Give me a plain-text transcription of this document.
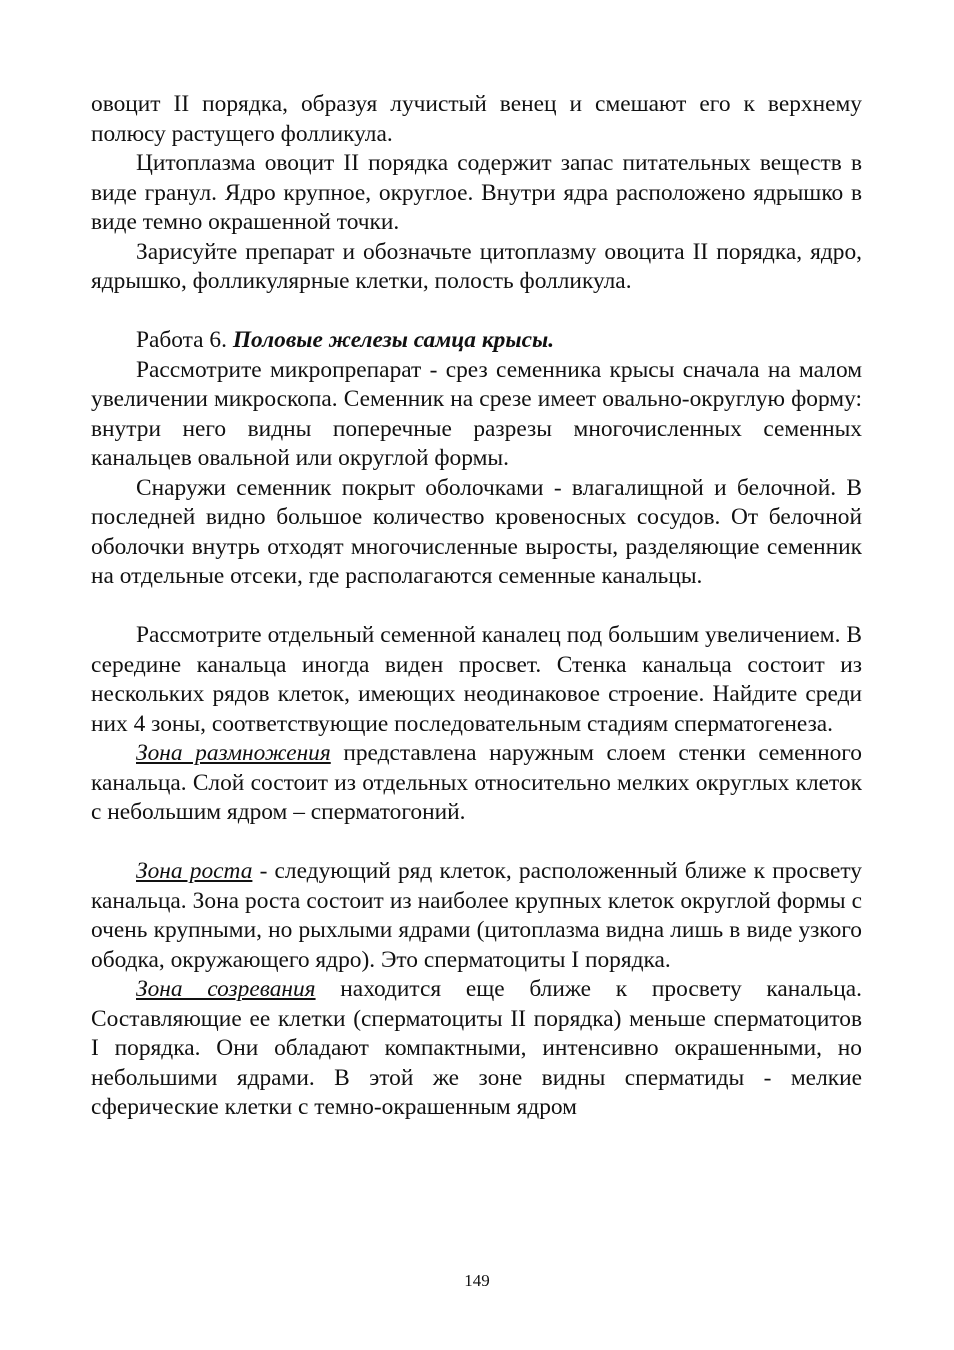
овоцит II порядка, образуя лучистый венец и смешают его к верхнему полюсу растущего фолликула.

Цитоплазма овоцит II порядка содержит запас питательных веществ в виде гранул. Ядро крупное, округлое. Внутри ядра расположено ядрышко в виде темно окрашенной точки.

Зарисуйте препарат и обозначьте цитоплазму овоцита II порядка, ядро, ядрышко, фолликулярные клетки, полость фолликула.

Работа 6. Половые железы самца крысы.

Рассмотрите микропрепарат - срез семенника крысы сначала на малом увеличении микроскопа. Семенник на срезе имеет овально-округлую форму: внутри него видны поперечные разрезы многочисленных семенных канальцев овальной или округлой формы.

Снаружи семенник покрыт оболочками - влагалищной и белочной. В последней видно большое количество кровеносных сосудов. От белочной оболочки внутрь отходят многочисленные выросты, разделяющие семенник на отдельные отсеки, где располагаются семенные канальцы.

Рассмотрите отдельный семенной каналец под большим увеличением. В середине канальца иногда виден просвет. Стенка канальца состоит из нескольких рядов клеток, имеющих неодинаковое строение. Найдите среди них 4 зоны, соответствующие последовательным стадиям сперматогенеза.

Зона размножения представлена наружным слоем стенки семенного канальца. Слой состоит из отдельных относительно мелких округлых клеток с небольшим ядром – сперматогоний.

Зона роста - следующий ряд клеток, расположенный ближе к просвету канальца. Зона роста состоит из наиболее крупных клеток округлой формы с очень крупными, но рыхлыми ядрами (цитоплазма видна лишь в виде узкого ободка, окружающего ядро). Это сперматоциты I порядка.

Зона созревания находится еще ближе к просвету канальца. Составляющие ее клетки (сперматоциты II порядка) меньше сперматоцитов I порядка. Они обладают компактными, интенсивно окрашенными, но небольшими ядрами. В этой же зоне видны сперматиды - мелкие сферические клетки с темно-окрашенным ядром

149
